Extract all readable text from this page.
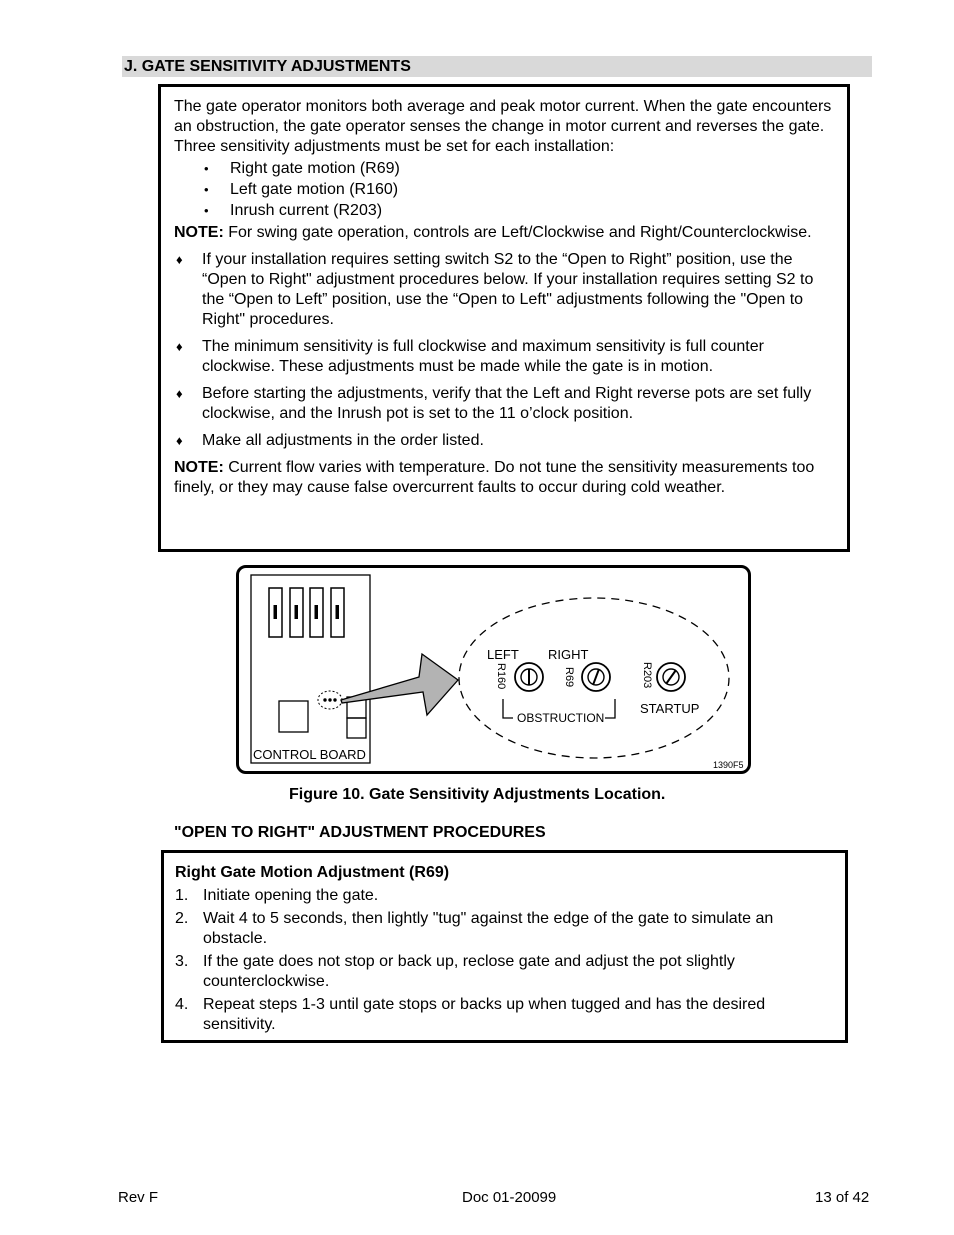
J. GATE SENSITIVITY ADJUSTMENTS

The gate operator monitors both average and peak motor current. When the gate encounters an obstruction, the gate operator senses the change in motor current and reverses the gate. Three sensitivity adjustments must be set for each installation:

• Right gate motion (R69)
• Left gate motion (R160)
• Inrush current (R203)

NOTE: For swing gate operation, controls are Left/Clockwise and Right/Counterclockwise.

♦ If your installation requires setting switch S2 to the “Open to Right” position, use the “Open to Right" adjustment procedures below. If your installation requires setting S2 to the “Open to Left” position, use the “Open to Left" adjustments following the "Open to Right" procedures.
♦ The minimum sensitivity is full clockwise and maximum sensitivity is full counter clockwise. These adjustments must be made while the gate is in motion.
♦ Before starting the adjustments, verify that the Left and Right reverse pots are set fully clockwise, and the Inrush pot is set to the 11 o’clock position.
♦ Make all adjustments in the order listed.

NOTE: Current flow varies with temperature. Do not tune the sensitivity measurements too finely, or they may cause false overcurrent faults to occur during cold weather.

CONTROL BOARD
LEFT RIGHT
R160	R69	R203
OBSTRUCTION
STARTUP
1390F5
Figure 10. Gate Sensitivity Adjustments Location.
"OPEN TO RIGHT" ADJUSTMENT PROCEDURES

Right Gate Motion Adjustment (R69)

1. Initiate opening the gate.
2. Wait 4 to 5 seconds, then lightly "tug" against the edge of the gate to simulate an obstacle.
3. If the gate does not stop or back up, reclose gate and adjust the pot slightly counterclockwise.
4. Repeat steps 1-3 until gate stops or backs up when tugged and has the desired sensitivity.
Rev F	Doc 01-20099	13 of 42
